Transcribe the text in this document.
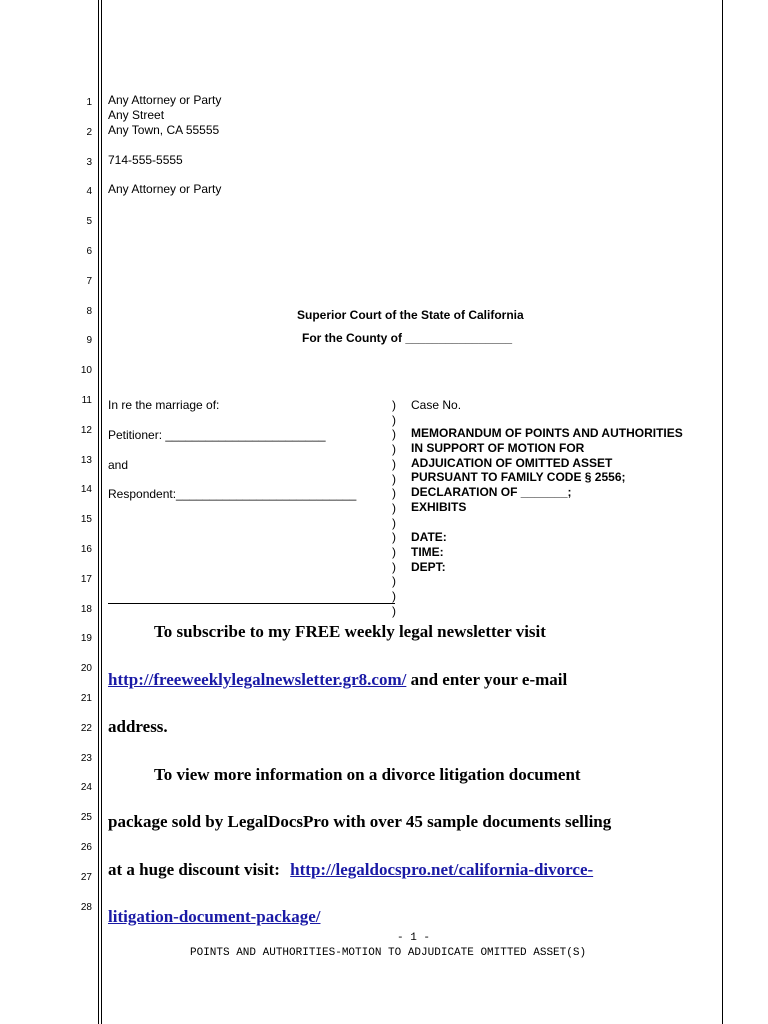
1
2
3
4
5
6
7
8
9
10
11
12
13
14
15
16
17
18
19
20
21
22
23
24
25
26
27
28
Any Attorney or Party
Any Street
Any Town, CA 55555
714-555-5555
Any Attorney or Party
Superior Court of the State of California
For the County of ________________
In re the marriage of:
Petitioner: ________________________
and
Respondent:___________________________
)
)
)
)
)
)
)
)
)
)
)
)
)
)
)
Case No.
MEMORANDUM OF POINTS AND AUTHORITIES
IN SUPPORT OF MOTION FOR
ADJUICATION OF OMITTED ASSET
PURSUANT TO FAMILY CODE § 2556;
DECLARATION OF _______;
EXHIBITS
DATE:
TIME:
DEPT:
To subscribe to my FREE weekly legal newsletter visit
http://freeweeklylegalnewsletter.gr8.com/ and enter your e-mail
address.
To view more information on a divorce litigation document
package sold by LegalDocsPro with over 45 sample documents selling
at a huge discount visit: http://legaldocspro.net/california-divorce-
litigation-document-package/
- 1 -
POINTS AND AUTHORITIES-MOTION TO ADJUDICATE OMITTED ASSET(S)
